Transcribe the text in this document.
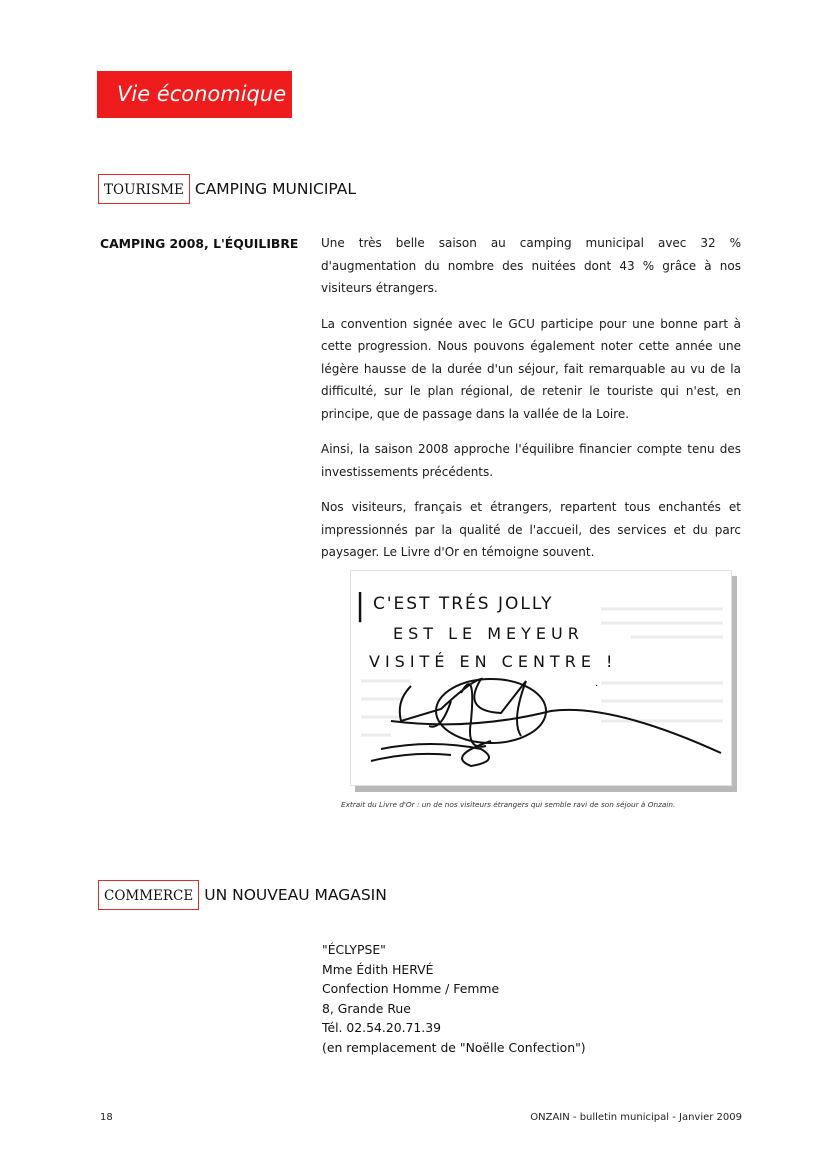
Vie économique
TOURISME CAMPING MUNICIPAL
CAMPING 2008, L'ÉQUILIBRE Une très belle saison au camping municipal avec 32 % d'augmentation du nombre des nuitées dont 43 % grâce à nos visiteurs étrangers.

La convention signée avec le GCU participe pour une bonne part à cette progression. Nous pouvons également noter cette année une légère hausse de la durée d'un séjour, fait remarquable au vu de la difficulté, sur le plan régional, de retenir le touriste qui n'est, en principe, que de passage dans la vallée de la Loire.

Ainsi, la saison 2008 approche l'équilibre financier compte tenu des investissements précédents.

Nos visiteurs, français et étrangers, repartent tous enchantés et impressionnés par la qualité de l'accueil, des services et du parc paysager. Le Livre d'Or en témoigne souvent.

| C'EST TRÉS JOLLY
EST LE MEYEUR
VISITÉ EN CENTRE !
·
Extrait du Livre d'Or : un de nos visiteurs étrangers qui semble ravi de son séjour à Onzain.
COMMERCE UN NOUVEAU MAGASIN
"ÉCLYPSE"
Mme Édith HERVÉ
Confection Homme / Femme
8, Grande Rue
Tél. 02.54.20.71.39
(en remplacement de "Noëlle Confection")
18	ONZAIN - bulletin municipal - Janvier 2009
